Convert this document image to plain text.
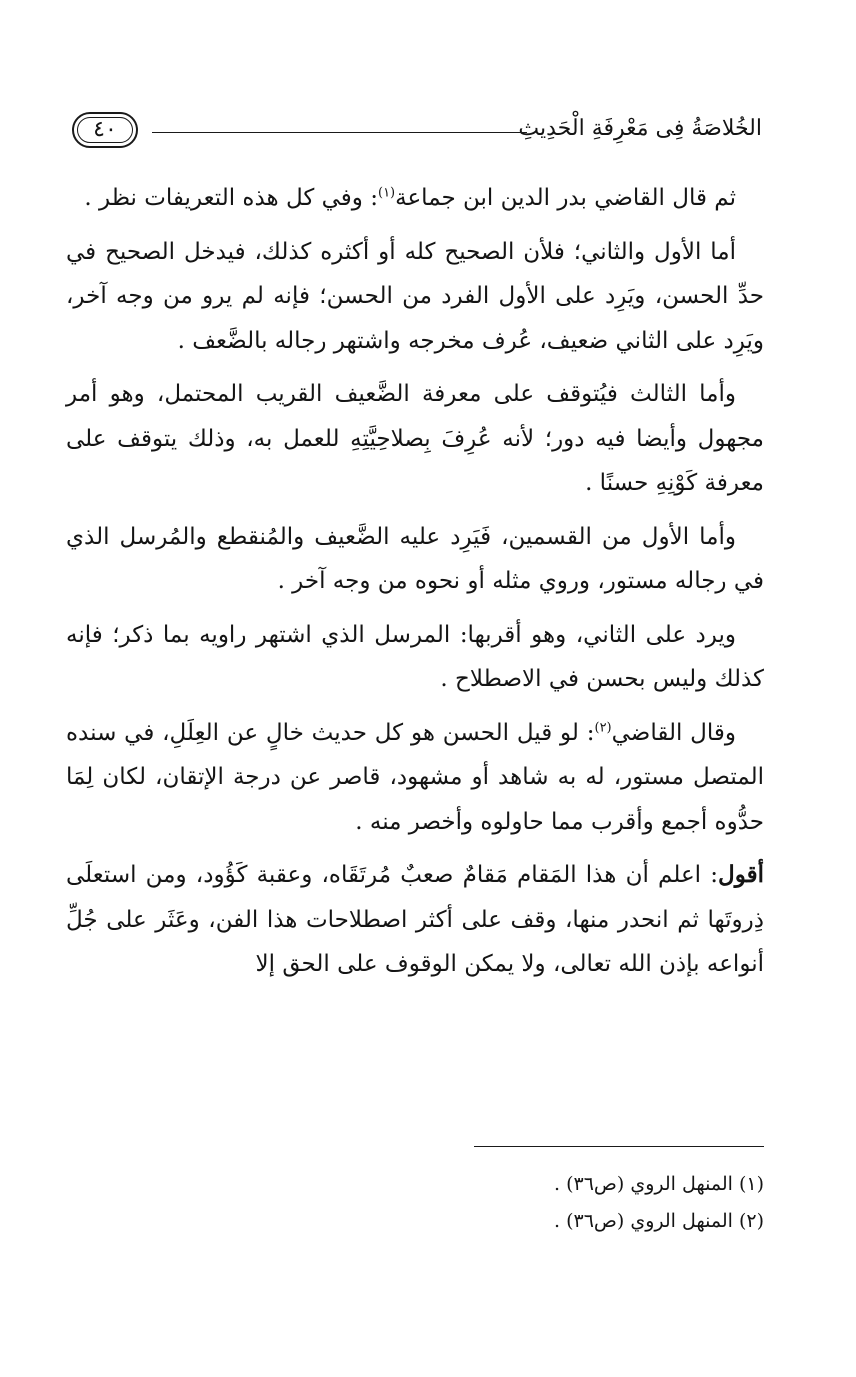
الخُلاصَةُ فِى مَعْرِفَةِ الْحَدِيثِ
٤٠

ثم قال القاضي بدر الدين ابن جماعة$^{(١)}$: وفي كل هذه التعريفات نظر .

أما الأول والثاني؛ فلأن الصحيح كله أو أكثره كذلك، فيدخل الصحيح في حدِّ الحسن، ويَرِد على الأول الفرد من الحسن؛ فإنه لم يرو من وجه آخر، ويَرِد على الثاني ضعيف، عُرف مخرجه واشتهر رجاله بالضَّعف .

وأما الثالث فيُتوقف على معرفة الضَّعيف القريب المحتمل، وهو أمر مجهول وأيضا فيه دور؛ لأنه عُرِفَ بِصلاحِيَّتِهِ للعمل به، وذلك يتوقف على معرفة كَوْنِهِ حسنًا .

وأما الأول من القسمين، فَيَرِد عليه الضَّعيف والمُنقطع والمُرسل الذي في رجاله مستور، وروي مثله أو نحوه من وجه آخر .

ويرد على الثاني، وهو أقربها: المرسل الذي اشتهر راويه بما ذكر؛ فإنه كذلك وليس بحسن في الاصطلاح .

وقال القاضي$^{(٢)}$: لو قيل الحسن هو كل حديث خالٍ عن العِلَلِ، في سنده المتصل مستور، له به شاهد أو مشهود، قاصر عن درجة الإتقان، لكان لِمَا حدُّوه أجمع وأقرب مما حاولوه وأخصر منه .

أقول: اعلم أن هذا المَقام مَقامٌ صعبٌ مُرتَقَاه، وعقبة كَؤُود، ومن استعلَى ذِروتَها ثم انحدر منها، وقف على أكثر اصطلاحات هذا الفن، وعَثَر على جُلِّ أنواعه بإذن الله تعالى، ولا يمكن الوقوف على الحق إلا

(١) المنهل الروي (ص٣٦) .

(٢) المنهل الروي (ص٣٦) .
